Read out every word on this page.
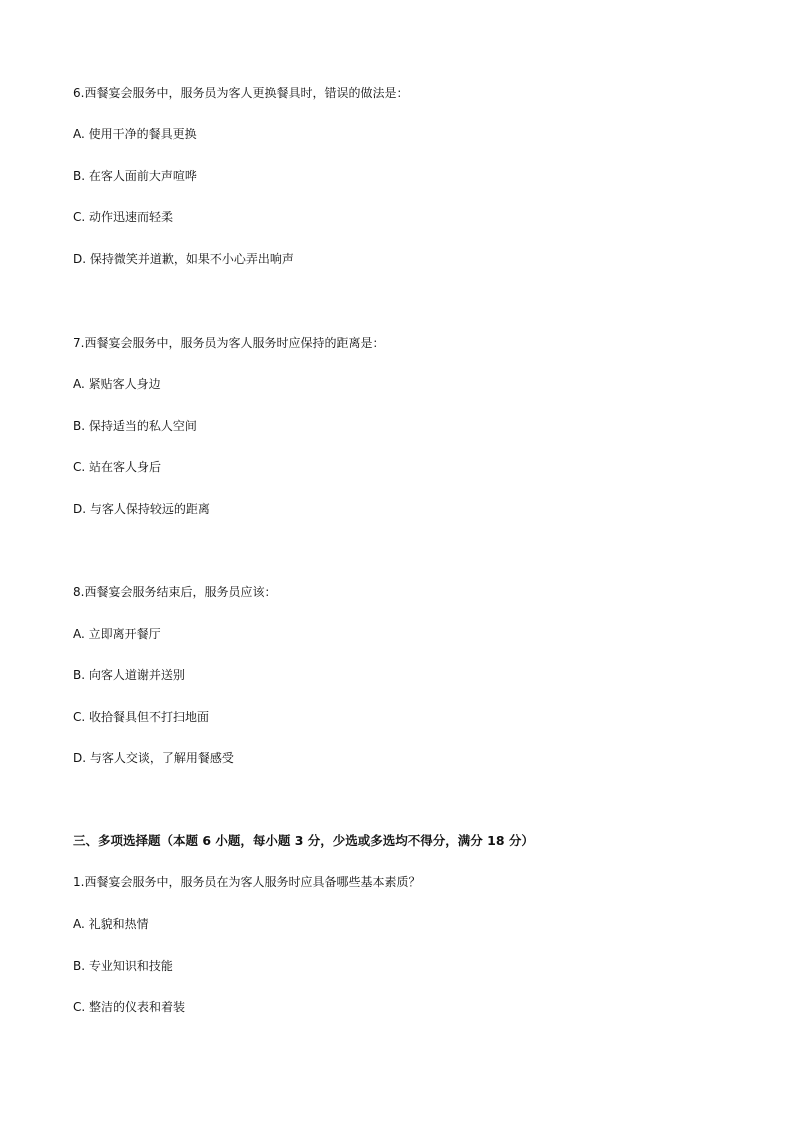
6.西餐宴会服务中，服务员为客人更换餐具时，错误的做法是：
A. 使用干净的餐具更换
B. 在客人面前大声喧哗
C. 动作迅速而轻柔
D. 保持微笑并道歉，如果不小心弄出响声
7.西餐宴会服务中，服务员为客人服务时应保持的距离是：
A. 紧贴客人身边
B. 保持适当的私人空间
C. 站在客人身后
D. 与客人保持较远的距离
8.西餐宴会服务结束后，服务员应该：
A. 立即离开餐厅
B. 向客人道谢并送别
C. 收拾餐具但不打扫地面
D. 与客人交谈，了解用餐感受
三、多项选择题（本题 6 小题，每小题 3 分，少选或多选均不得分，满分 18 分）
1.西餐宴会服务中，服务员在为客人服务时应具备哪些基本素质？
A. 礼貌和热情
B. 专业知识和技能
C. 整洁的仪表和着装
